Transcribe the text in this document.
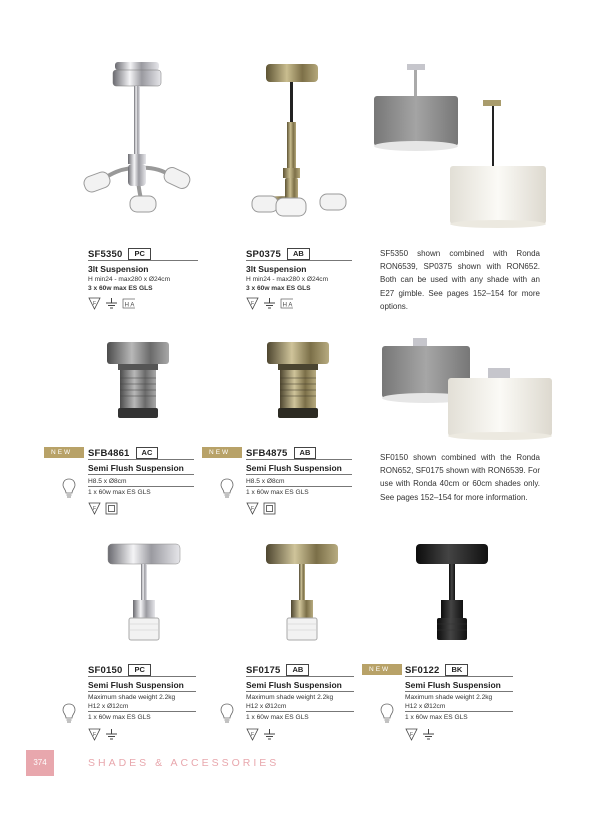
SF5350	PC
3lt Suspension
H min24 - max280 x Ø24cm
3 x 60w max ES GLS
F	H A
SP0375	AB
3lt Suspension
H min24 - max280 x Ø24cm
3 x 60w max ES GLS
F	H A
SF5350 shown combined with Ronda RON6539, SP0375 shown with RON652. Both can be used with any shade with an E27 gimble. See pages 152–154 for more options.
NEW	SFB4861	AC
Semi Flush Suspension
H8.5 x Ø8cm
1 x 60w max ES GLS
F
NEW	SFB4875	AB
Semi Flush Suspension
H8.5 x Ø8cm
1 x 60w max ES GLS
F
SF0150 shown combined with the Ronda RON652, SF0175 shown with RON6539. For use with Ronda 40cm or 60cm shades only. See pages 152–154 for more information.
SF0150	PC
Semi Flush Suspension
Maximum shade weight 2.2kg
H12 x Ø12cm
1 x 60w max ES GLS
F
SF0175	AB
Semi Flush Suspension
Maximum shade weight 2.2kg
H12 x Ø12cm
1 x 60w max ES GLS
F
NEW	SF0122	BK
Semi Flush Suspension
Maximum shade weight 2.2kg
H12 x Ø12cm
1 x 60w max ES GLS
F
374	SHADES & ACCESSORIES
